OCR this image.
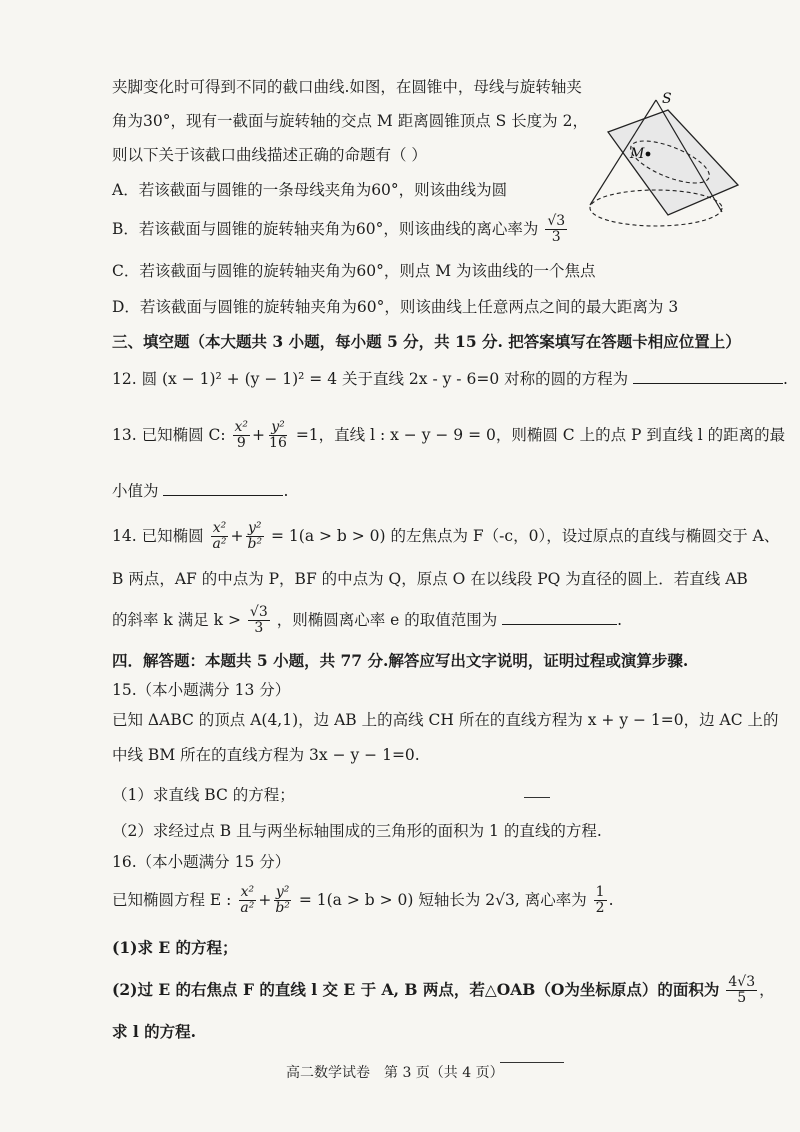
夹脚变化时可得到不同的截口曲线.如图，在圆锥中，母线与旋转轴夹
角为30°，现有一截面与旋转轴的交点 M 距离圆锥顶点 S 长度为 2，
则以下关于该截口曲线描述正确的命题有（ ）
A．若该截面与圆锥的一条母线夹角为60°，则该曲线为圆
B．若该截面与圆锥的旋转轴夹角为60°，则该曲线的离心率为 $\frac{√3}{3}$
C．若该截面与圆锥的旋转轴夹角为60°，则点 M 为该曲线的一个焦点
D．若该截面与圆锥的旋转轴夹角为60°，则该曲线上任意两点之间的最大距离为 3
S
M
三、填空题（本大题共 3 小题，每小题 5 分，共 15 分. 把答案填写在答题卡相应位置上）
12. 圆 (x − 1)² + (y − 1)² = 4 关于直线 2x - y - 6=0 对称的圆的方程为	.
13. 已知椭圆 C: $\frac{\text{x²}}{9} + \frac{\text{y²}}{16} =1$，直线 l : x − y − 9 = 0，则椭圆 C 上的点 P 到直线 l 的距离的最
小值为	.
14. 已知椭圆 $\frac{\text{x²}}{\text{a²}} + \frac{\text{y²}}{\text{b²}} = 1(a > b > 0)$ 的左焦点为 F（-c，0），设过原点的直线与椭圆交于 A、
B 两点，AF 的中点为 P，BF 的中点为 Q，原点 O 在以线段 PQ 为直径的圆上．若直线 AB
的斜率 k 满足 $k > \frac{√3}{3}$ ，则椭圆离心率 e 的取值范围为	.
四．解答题：本题共 5 小题，共 77 分.解答应写出文字说明，证明过程或演算步骤.
15.（本小题满分 13 分）
已知 ΔABC 的顶点 A(4,1)，边 AB 上的高线 CH 所在的直线方程为 x + y − 1=0，边 AC 上的
中线 BM 所在的直线方程为 3x − y − 1=0.
（1）求直线 BC 的方程；
（2）求经过点 B 且与两坐标轴围成的三角形的面积为 1 的直线的方程.
16.（本小题满分 15 分）
已知椭圆方程 E : $\frac{\text{x²}}{\text{a²}} + \frac{\text{y²}}{\text{b²}} = 1(a > b > 0)$ 短轴长为 2√3, 离心率为 $\frac{1}{2}$ .
(1)求 E 的方程；
(2)过 E 的右焦点 F 的直线 l 交 E 于 A, B 两点，若△OAB（O为坐标原点）的面积为 $\frac{4√3}{5}$ ，
求 l 的方程.
高二数学试卷　第 3 页（共 4 页）
